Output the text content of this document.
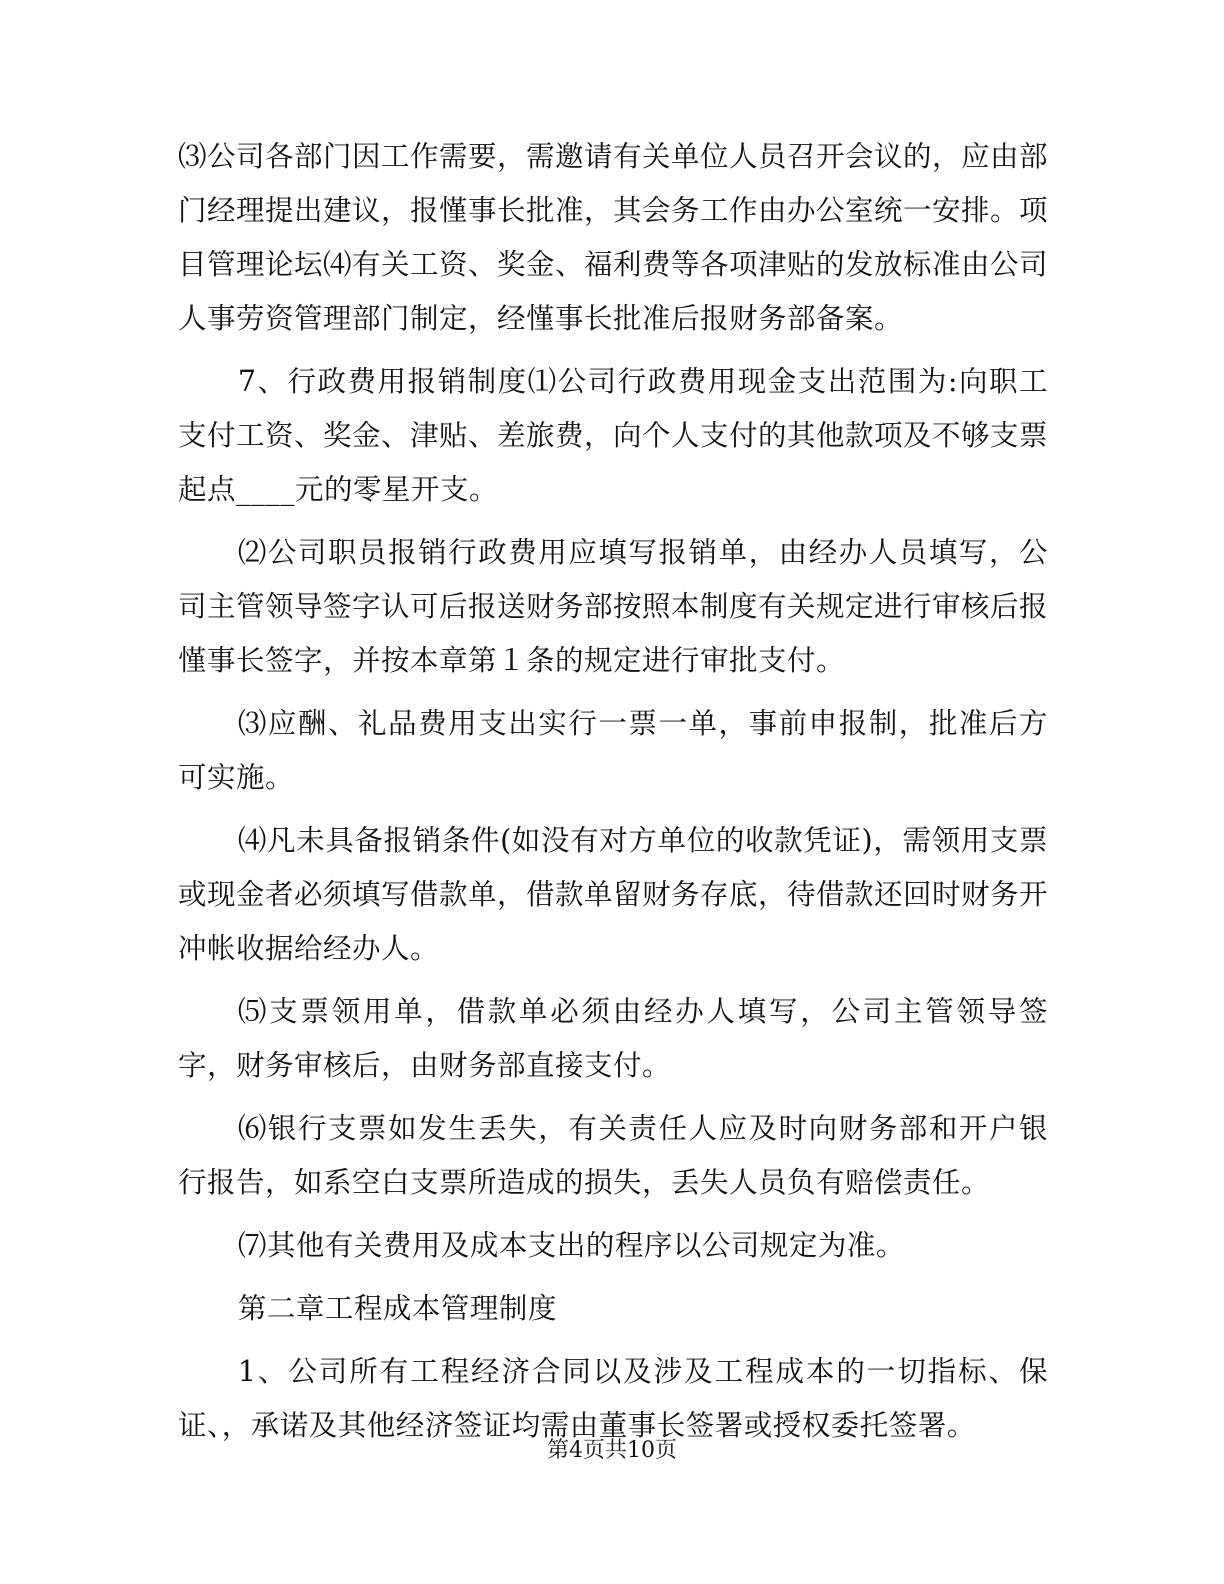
⑶公司各部门因工作需要，需邀请有关单位人员召开会议的，应由部门经理提出建议，报慬事长批准，其会务工作由办公室统一安排。项目管理论坛⑷有关工资、奖金、福利费等各项津贴的发放标准由公司人事劳资管理部门制定，经慬事长批准后报财务部备案。

7、行政费用报销制度⑴公司行政费用现金支出范围为:向职工支付工资、奖金、津贴、差旅费，向个人支付的其他款项及不够支票起点____元的零星开支。

⑵公司职员报销行政费用应填写报销单，由经办人员填写，公司主管领导签字认可后报送财务部按照本制度有关规定进行审核后报慬事长签字，并按本章第１条的规定进行审批支付。

⑶应酬、礼品费用支出实行一票一单，事前申报制，批准后方可实施。

⑷凡未具备报销条件(如没有对方单位的收款凭证)，需领用支票或现金者必须填写借款单，借款单留财务存底，待借款还回时财务开冲帐收据给经办人。

⑸支票领用单，借款单必须由经办人填写，公司主管领导签字，财务审核后，由财务部直接支付。

⑹银行支票如发生丢失，有关责任人应及时向财务部和开户银行报告，如系空白支票所造成的损失，丢失人员负有赔偿责任。

⑺其他有关费用及成本支出的程序以公司规定为准。

第二章工程成本管理制度

1、公司所有工程经济合同以及涉及工程成本的一切指标、保证、，承诺及其他经济签证均需由董事长签署或授权委托签署。

第4页共10页
